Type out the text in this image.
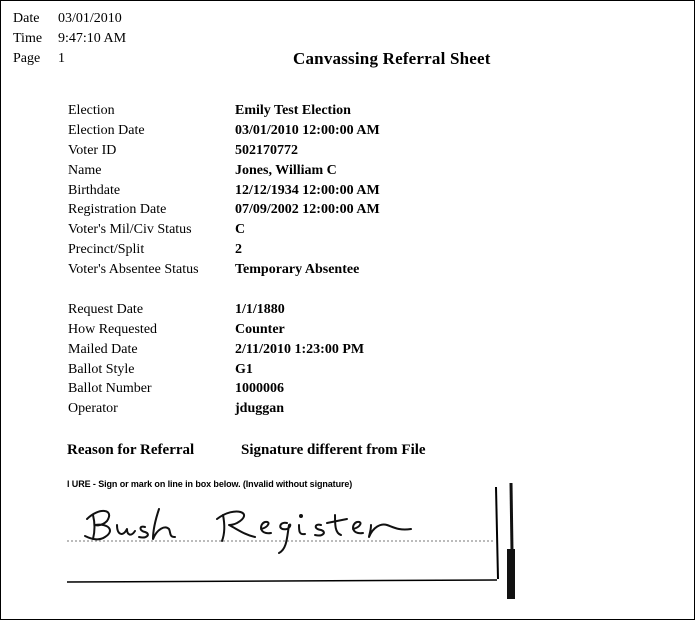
Date 03/01/2010
Time 9:47:10 AM
Page 1	Canvassing Referral Sheet
Election	Emily Test Election
Election Date	03/01/2010 12:00:00 AM
Voter ID	502170772
Name	Jones, William C
Birthdate	12/12/1934 12:00:00 AM
Registration Date	07/09/2002 12:00:00 AM
Voter's Mil/Civ Status	C
Precinct/Split	2
Voter's Absentee Status	Temporary Absentee
Request Date	1/1/1880
How Requested	Counter
Mailed Date	2/11/2010 1:23:00 PM
Ballot Style	G1
Ballot Number	1000006
Operator	jduggan
Reason for Referral	Signature different from File
l URE - Sign or mark on line in box below. (Invalid without signature)
